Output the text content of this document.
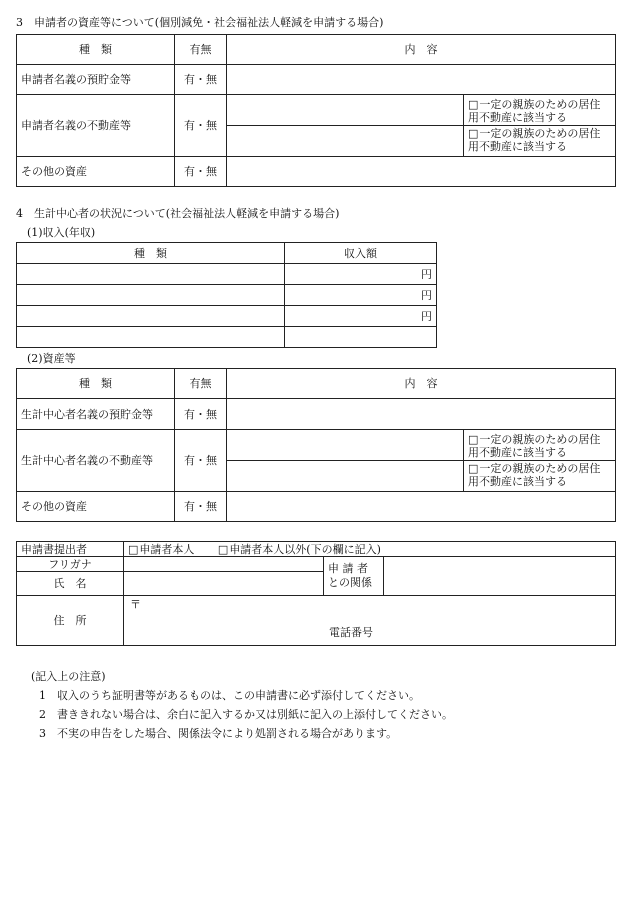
3　申請者の資産等について(個別減免・社会福祉法人軽減を申請する場合)
種　類	有無	内　容	
申請者名義の預貯金等	有・無		
申請者名義の不動産等	有・無	

□ 一定の親族のための居住用不動産に該当する
□ 一定の親族のための居住用不動産に該当する

その他の資産	有・無		
4　生計中心者の状況について(社会福祉法人軽減を申請する場合)
(1)収入(年収)
種　類	収入額
	円
	円
	円

(2)資産等
種　類	有無	内　容	
生計中心者名義の預貯金等	有・無		
生計中心者名義の不動産等	有・無	

□ 一定の親族のための居住用不動産に該当する
□ 一定の親族のための居住用不動産に該当する

その他の資産	有・無		
申請書提出者	□申請者本人 □ 申請者本人以外(下の欄に記入)
フリガナ		申 請 者 との関係	
氏　名			
住　所	〒
電話番号		
(記入上の注意)
1　収入のうち証明書等があるものは、この申請書に必ず添付してください。
2　書ききれない場合は、余白に記入するか又は別紙に記入の上添付してください。
3　不実の申告をした場合、関係法令により処罰される場合があります。
